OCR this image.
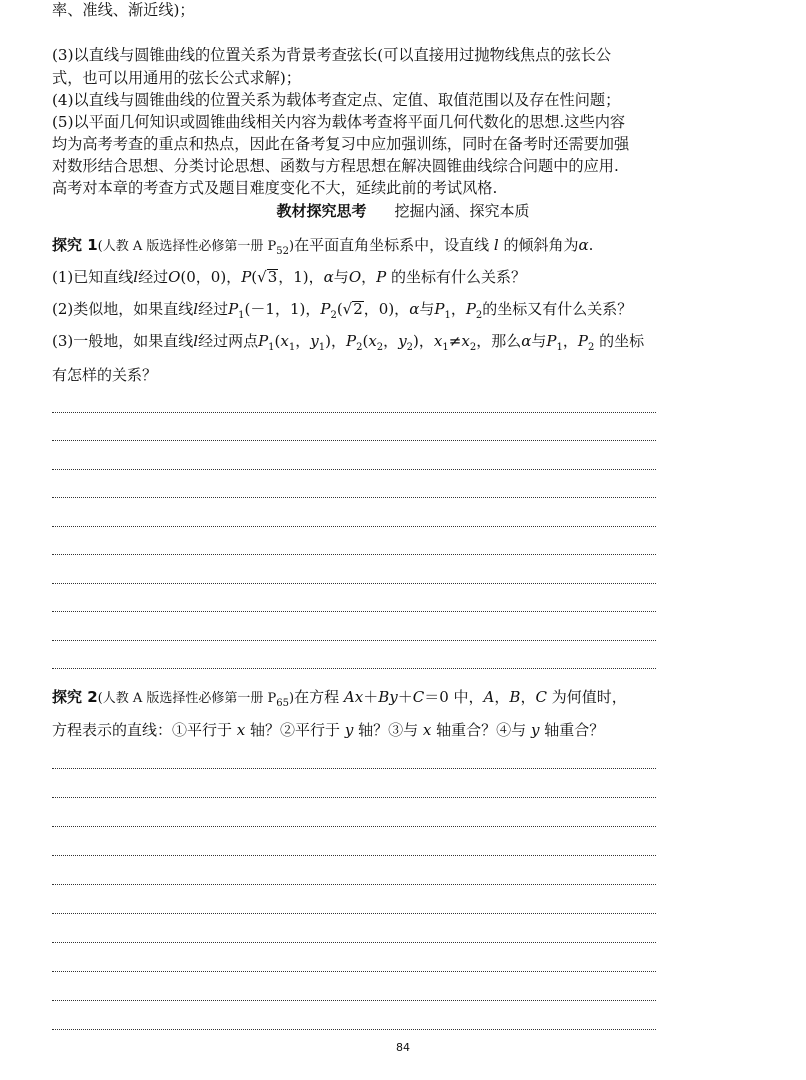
率、准线、渐近线)；
(3)以直线与圆锥曲线的位置关系为背景考查弦长(可以直接用过抛物线焦点的弦长公
式，也可以用通用的弦长公式求解)；
(4)以直线与圆锥曲线的位置关系为载体考查定点、定值、取值范围以及存在性问题；
(5)以平面几何知识或圆锥曲线相关内容为载体考查将平面几何代数化的思想.这些内容
均为高考考查的重点和热点，因此在备考复习中应加强训练，同时在备考时还需要加强
对数形结合思想、分类讨论思想、函数与方程思想在解决圆锥曲线综合问题中的应用.
高考对本章的考查方式及题目难度变化不大，延续此前的考试风格.
教材探究思考 挖掘内涵、探究本质
探究 1(人教 A 版选择性必修第一册 $P_{52}$)在平面直角坐标系中，设直线 l 的倾斜角为α.
(1)已知直线l经过O(0，0)，P(√3，1)，α与O，P 的坐标有什么关系？
(2)类似地，如果直线l经过$P_1(-1$，1)，$P_2(√2$，0)，α与$P_1$，$P_2$的坐标又有什么关系？
(3)一般地，如果直线l经过两点$P_1(x_1$，$y_1$)，$P_2(x_2$，$y_2$)，$x_1\ne x_2$，那么α与$P_1$，$P_2$ 的坐标
有怎样的关系？
探究 2(人教 A 版选择性必修第一册 $P_{65}$)在方程 Ax＋By＋C＝0 中，A，B，C 为何值时，
方程表示的直线：①平行于 x 轴？②平行于 y 轴？③与 x 轴重合？④与 y 轴重合？
84
